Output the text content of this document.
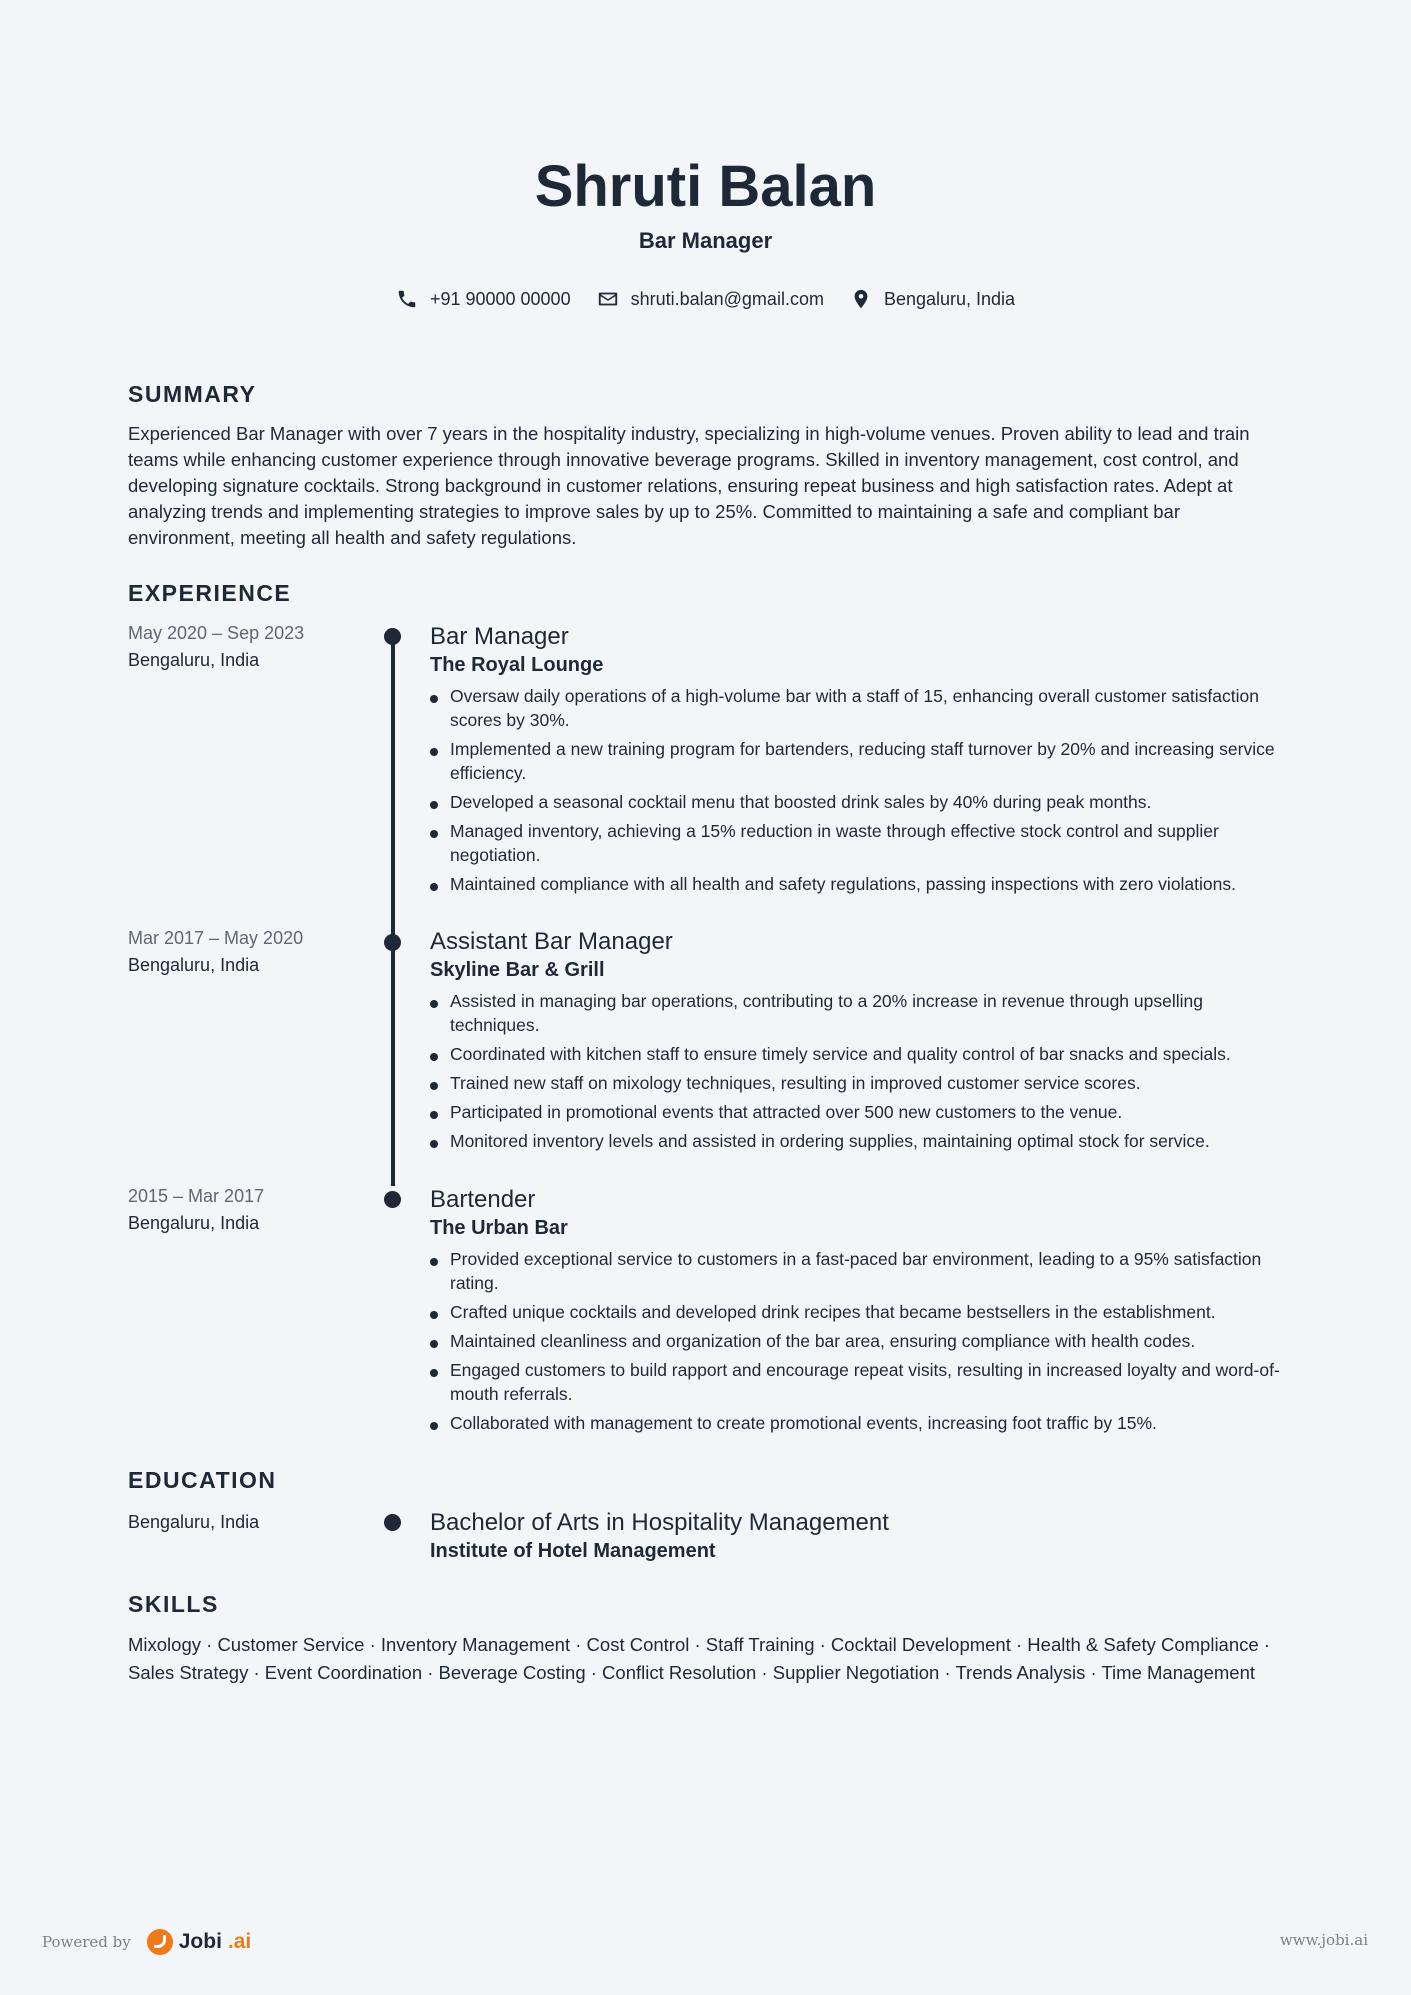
Shruti Balan
Bar Manager
+91 90000 00000	shruti.balan@gmail.com	Bengaluru, India
SUMMARY

Experienced Bar Manager with over 7 years in the hospitality industry, specializing in high-volume venues. Proven ability to lead and train teams while enhancing customer experience through innovative beverage programs. Skilled in inventory management, cost control, and developing signature cocktails. Strong background in customer relations, ensuring repeat business and high satisfaction rates. Adept at analyzing trends and implementing strategies to improve sales by up to 25%. Committed to maintaining a safe and compliant bar environment, meeting all health and safety regulations.

EXPERIENCE
May 2020 – Sep 2023
Bengaluru, India
Bar Manager
The Royal Lounge
Oversaw daily operations of a high-volume bar with a staff of 15, enhancing overall customer satisfaction scores by 30%.
Implemented a new training program for bartenders, reducing staff turnover by 20% and increasing service efficiency.
Developed a seasonal cocktail menu that boosted drink sales by 40% during peak months.
Managed inventory, achieving a 15% reduction in waste through effective stock control and supplier negotiation.
Maintained compliance with all health and safety regulations, passing inspections with zero violations.
Mar 2017 – May 2020
Bengaluru, India
Assistant Bar Manager
Skyline Bar & Grill
Assisted in managing bar operations, contributing to a 20% increase in revenue through upselling techniques.
Coordinated with kitchen staff to ensure timely service and quality control of bar snacks and specials.
Trained new staff on mixology techniques, resulting in improved customer service scores.
Participated in promotional events that attracted over 500 new customers to the venue.
Monitored inventory levels and assisted in ordering supplies, maintaining optimal stock for service.
2015 – Mar 2017
Bengaluru, India
Bartender
The Urban Bar
Provided exceptional service to customers in a fast-paced bar environment, leading to a 95% satisfaction rating.
Crafted unique cocktails and developed drink recipes that became bestsellers in the establishment.
Maintained cleanliness and organization of the bar area, ensuring compliance with health codes.
Engaged customers to build rapport and encourage repeat visits, resulting in increased loyalty and word-of-mouth referrals.
Collaborated with management to create promotional events, increasing foot traffic by 15%.
EDUCATION
Bengaluru, India	Bachelor of Arts in Hospitality Management
Institute of Hotel Management
SKILLS

Mixology · Customer Service · Inventory Management · Cost Control · Staff Training · Cocktail Development · Health & Safety Compliance · Sales Strategy · Event Coordination · Beverage Costing · Conflict Resolution · Supplier Negotiation · Trends Analysis · Time Management

Powered by Jobi .ai	www.jobi.ai
